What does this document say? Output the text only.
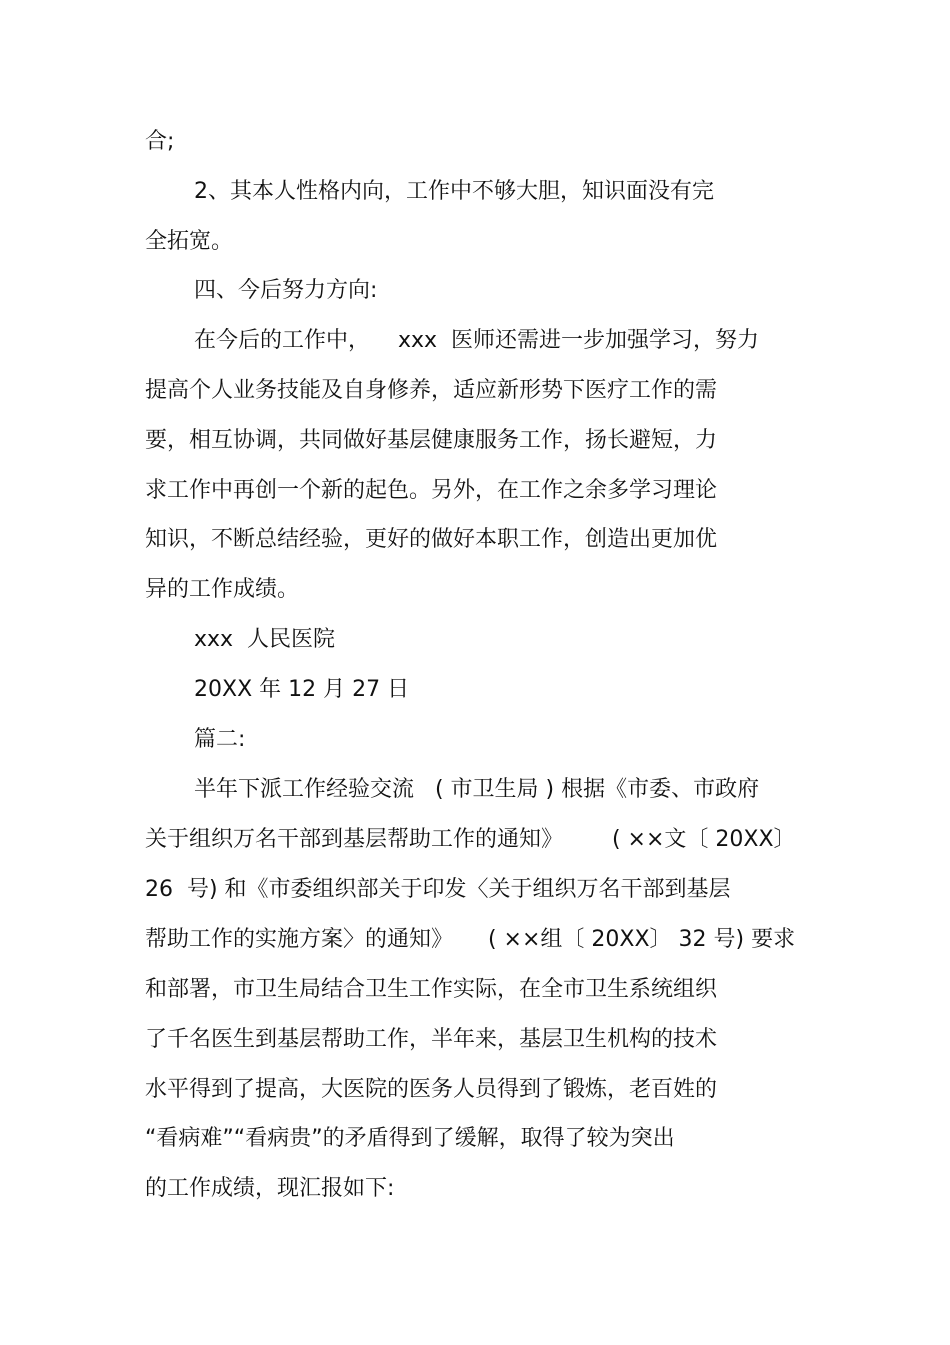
合;
2、其本人性格内向，工作中不够大胆，知识面没有完
全拓宽。
四、今后努力方向:
在今后的工作中，    xxx  医师还需进一步加强学习，努力
提高个人业务技能及自身修养，适应新形势下医疗工作的需
要，相互协调，共同做好基层健康服务工作，扬长避短，力
求工作中再创一个新的起色。另外，在工作之余多学习理论
知识，不断总结经验，更好的做好本职工作，创造出更加优
异的工作成绩。
xxx  人民医院
20XX 年 12 月 27 日
篇二:
半年下派工作经验交流   ( 市卫生局 ) 根据《市委、市政府
关于组织万名干部到基层帮助工作的通知》       ( ××文〔 20XX〕
26  号) 和《市委组织部关于印发〈关于组织万名干部到基层
帮助工作的实施方案〉的通知》     ( ××组〔 20XX〕 32 号) 要求
和部署，市卫生局结合卫生工作实际，在全市卫生系统组织
了千名医生到基层帮助工作，半年来，基层卫生机构的技术
水平得到了提高，大医院的医务人员得到了锻炼，老百姓的
“看病难”“看病贵”的矛盾得到了缓解，取得了较为突出
的工作成绩，现汇报如下:
